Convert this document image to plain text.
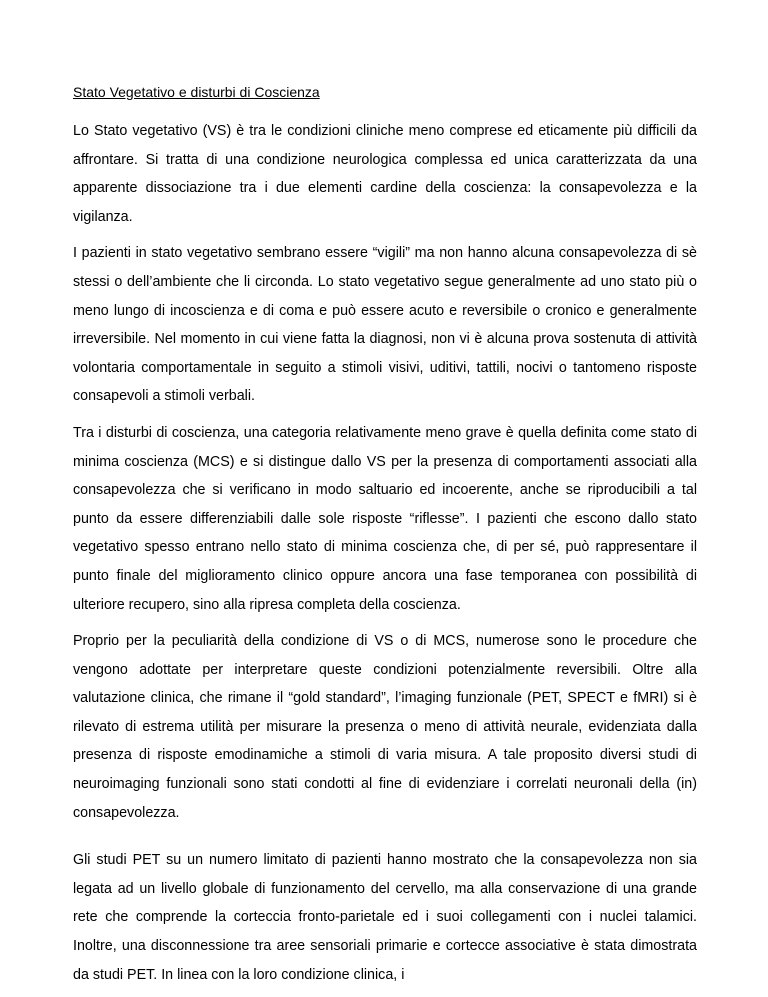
Stato Vegetativo e disturbi di Coscienza

Lo Stato vegetativo (VS) è tra le condizioni cliniche meno comprese ed eticamente più difficili da affrontare. Si tratta di una condizione neurologica complessa ed unica caratterizzata da una apparente dissociazione tra i due elementi cardine della coscienza: la consapevolezza e la vigilanza.

I pazienti in stato vegetativo sembrano essere “vigili” ma non hanno alcuna consapevolezza di sè stessi o dell’ambiente che li circonda. Lo stato vegetativo segue generalmente ad uno stato più o meno lungo di incoscienza e di coma e può essere acuto e reversibile o cronico e generalmente irreversibile. Nel momento in cui viene fatta la diagnosi, non vi è alcuna prova sostenuta di attività volontaria comportamentale in seguito a stimoli visivi, uditivi, tattili, nocivi o tantomeno risposte consapevoli a stimoli verbali.

Tra i disturbi di coscienza, una categoria relativamente meno grave è quella definita come stato di minima coscienza (MCS) e si distingue dallo VS per la presenza di comportamenti associati alla consapevolezza che si verificano in modo saltuario ed incoerente, anche se riproducibili a tal punto da essere differenziabili dalle sole risposte “riflesse”. I pazienti che escono dallo stato vegetativo spesso entrano nello stato di minima coscienza che, di per sé, può rappresentare il punto finale del miglioramento clinico oppure ancora una fase temporanea con possibilità di ulteriore recupero, sino alla ripresa completa della coscienza.

Proprio per la peculiarità della condizione di VS o di MCS, numerose sono le procedure che vengono adottate per interpretare queste condizioni potenzialmente reversibili. Oltre alla valutazione clinica, che rimane il “gold standard”, l’imaging funzionale (PET, SPECT e fMRI) si è rilevato di estrema utilità per misurare la presenza o meno di attività neurale, evidenziata dalla presenza di risposte emodinamiche a stimoli di varia misura. A tale proposito diversi studi di neuroimaging funzionali sono stati condotti al fine di evidenziare i correlati neuronali della (in) consapevolezza.

Gli studi PET su un numero limitato di pazienti hanno mostrato che la consapevolezza non sia legata ad un livello globale di funzionamento del cervello, ma alla conservazione di una grande rete che comprende la corteccia fronto-parietale ed i suoi collegamenti con i nuclei talamici. Inoltre, una disconnessione tra aree sensoriali primarie e cortecce associative è stata dimostrata da studi PET. In linea con la loro condizione clinica, i
